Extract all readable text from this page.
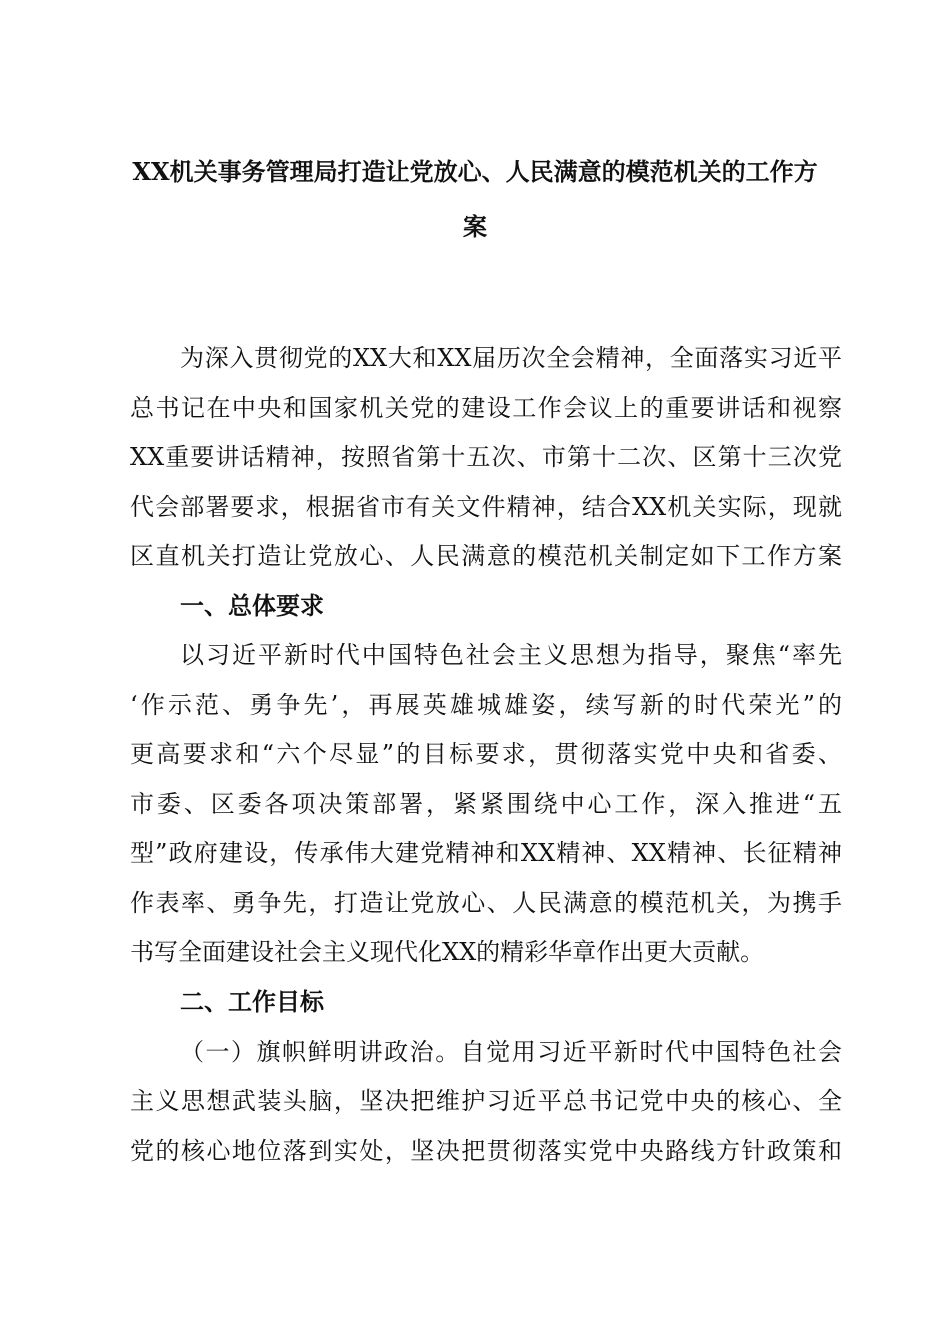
XX机关事务管理局打造让党放心、人民满意的模范机关的工作方
案
为深入贯彻党的XX大和XX届历次全会精神，全面落实习近平
总书记在中央和国家机关党的建设工作会议上的重要讲话和视察
XX重要讲话精神，按照省第十五次、市第十二次、区第十三次党
代会部署要求，根据省市有关文件精神，结合XX机关实际，现就
区直机关打造让党放心、人民满意的模范机关制定如下工作方案
一、总体要求
以习近平新时代中国特色社会主义思想为指导，聚焦“率先
‘作示范、勇争先’，再展英雄城雄姿，续写新的时代荣光”的
更高要求和“六个尽显”的目标要求，贯彻落实党中央和省委、
市委、区委各项决策部署，紧紧围绕中心工作，深入推进“五
型”政府建设，传承伟大建党精神和XX精神、XX精神、长征精神
作表率、勇争先，打造让党放心、人民满意的模范机关，为携手
书写全面建设社会主义现代化XX的精彩华章作出更大贡献。
二、工作目标
（一）旗帜鲜明讲政治。自觉用习近平新时代中国特色社会
主义思想武装头脑，坚决把维护习近平总书记党中央的核心、全
党的核心地位落到实处，坚决把贯彻落实党中央路线方针政策和
